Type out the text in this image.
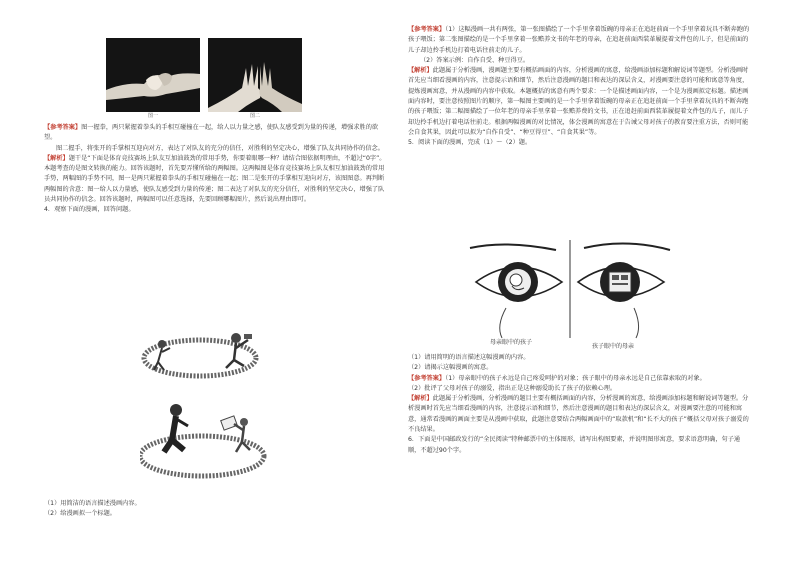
图一	图二

【参考答案】图一握拳，两只紧握着拳头的手相互碰撞在一起，给人以力量之感，使队友感受到为量的传递，增强求胜的欲望。

图二握手，将张开的手掌相互迎向对方，表达了对队友的充分的信任，对胜利的坚定决心，增强了队友共同协作的信念。

【解析】题干是“下面是体育竞技赛场上队友互加油鼓劲的常用手势，你要着眼哪一种？请结合图依据明理由，不超过“0字”。本题考查的是图文转换的能力。回答该题时，首先要弄懂所给的两幅图。这两幅图是体育竞技赛场上队友相互加油鼓劲的常用手势，两幅图的手势不同，图一是两只紧握着拳头的手相互碰撞在一起；图二是张开的手掌相互迎向对方，该图图意。再判断两幅图的含意：图一给人以力量感，使队友感受到力量的传递；图二表达了对队友的充分信任，对胜利的坚定决心，增强了队员共同协作的信念。回答该题时，两幅图可以任意选择，先要回顾哪幅图片，然后说出理由即可。

4．观察下面的漫画，回答问题。

（1）用简洁的语言描述漫画内容。

（2）给漫画拟一个标题。

【参考答案】（1）这幅漫画一共有两张，第一张图描绘了一个手里拿着饭碗的母亲正在追赶前面一个手里拿着玩具不断奔跑的孩子喂饭；第二张图描绘的是一个手里拿着一张赡养文书的年老的母亲，在追赶前面西装革履提着文件包的儿子，但是前面的儿子却边拎手机边打着电话往前走的儿子。

（2）答案示例：自作自受、种豆得豆。

【解析】此题属于分析漫画，漫画题主要有概括画面的内容，分析漫画的寓意，给漫画添加标题和解说词等题型。分析漫画时首先应当细看漫画的内容，注意提示语和细节，然后注意漫画的题目和表达的深层含义，对漫画要注意的可能和寓意等角度，提炼漫画寓意，并从漫画的内容中获取。本题概括的寓意有两个要求：一个是描述画面内容，一个是为漫画拟定标题。描述画面内容时，要注意按照图片的顺序，第一幅图主要画的是一个手里拿着饭碗的母亲正在追赶前面一个手里拿着玩具的不断奔跑的孩子喂饭；第二幅图描绘了一位年老的母亲手里拿着一张赡养费的文书，正在追赶前面西装革履提着文件包的儿子，而儿子却边拎手机边打着电话往前走。根据两幅漫画的对比情况，体会漫画的寓意在于告诫父母对孩子的教育要注重方法，否则可能会自食其果，因此可以拟为“自作自受”、“种豆得豆”、“自食其果”等。

5．阅读下面的漫画，完成（1）～（2）题。

母亲眼中的孩子
孩子眼中的母亲

（1）请用简明的语言描述这幅漫画的内容。

（2）请揭示这幅漫画的寓意。

【参考答案】（1）母亲眼中的孩子永远是自己疼爱呵护的对象；孩子眼中的母亲永远是自己依靠索取的对象。

（2）批评了父母对孩子的溺爱，指出正是这种溺爱助长了孩子的依赖心理。

【解析】此题属于分析漫画，分析漫画的题目主要有概括画面的内容，分析漫画的寓意，给漫画添加标题和解说词等题型。分析漫画时首先应当细看漫画的内容，注意提示语和细节，然后注意漫画的题目和表达的深层含义，对漫画要注意的可能和寓意，通常看漫画的画面主要是从漫画中获取，此题注意要结合两幅画面中的“取款机”和“长不大的孩子”概括父母对孩子溺爱的不良结果。

6．下面是中国邮政发行的“全民阅读”特种邮票中的主体图形，请写出构图要素，并说明图形寓意，要求语意明确，句子通顺，不超过90个字。
